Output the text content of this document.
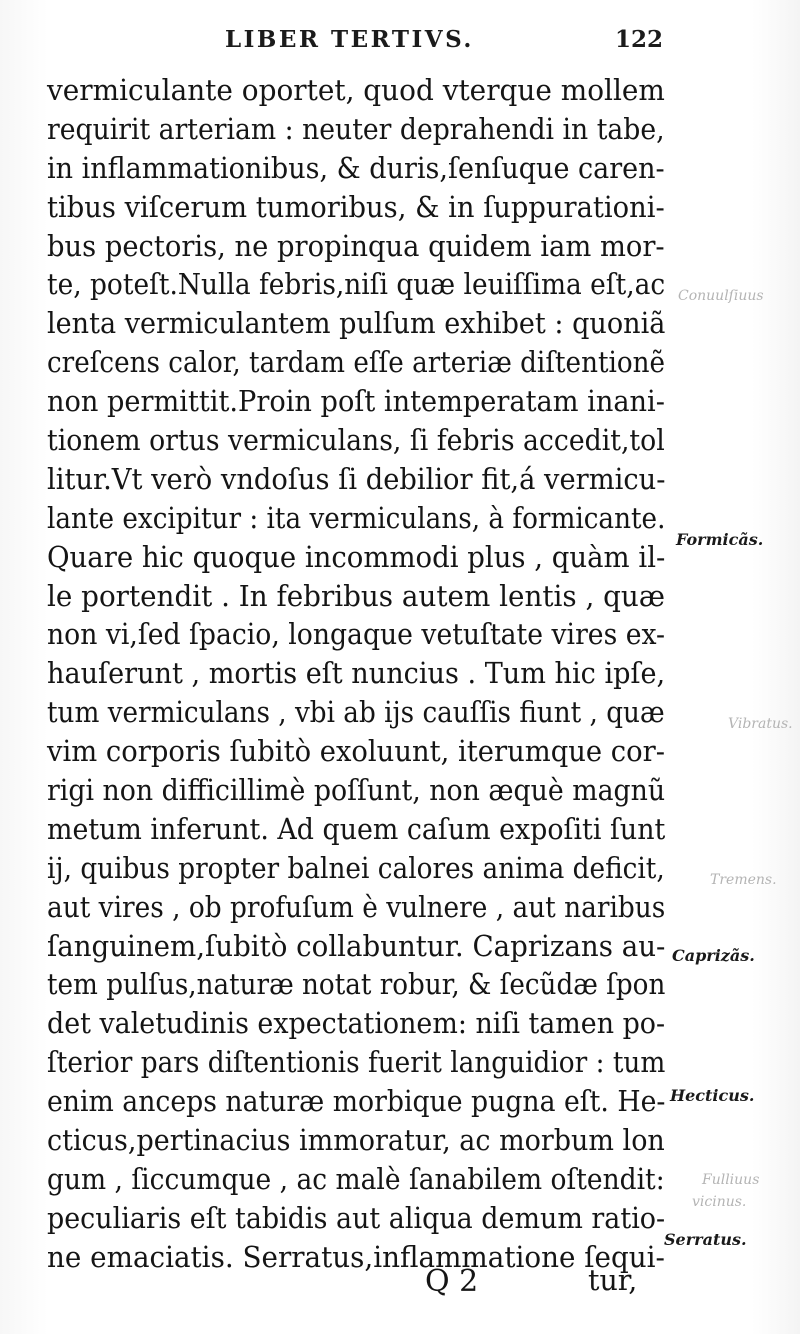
LIBER TERTIVS.	122
vermiculante oportet, quod vterque mollem
requirit arteriam : neuter deprahendi in tabe,
in inflammationibus, & duris,ſenſuque caren-
tibus viſcerum tumoribus, & in ſuppurationi-
bus pectoris, ne propinqua quidem iam mor-
te, poteſt.Nulla febris,niſi quæ leuiſſima eſt,ac
lenta vermiculantem pulſum exhibet : quoniã
creſcens calor, tardam eſſe arteriæ diſtentionẽ
non permittit.Proin poſt intemperatam inani-
tionem ortus vermiculans, ſi febris accedit,tol
litur.Vt verò vndoſus ſi debilior fit,á vermicu-
lante excipitur : ita vermiculans, à formicante.
Quare hic quoque incommodi plus , quàm il-
le portendit . In febribus autem lentis , quæ
non vi,ſed ſpacio, longaque vetuſtate vires ex-
hauſerunt , mortis eſt nuncius . Tum hic ipſe,
tum vermiculans , vbi ab iјs cauſſis fiunt , quæ
vim corporis ſubitò exoluunt, iterumque cor-
rigi non difficillimè poſſunt, non æquè magnũ
metum inferunt. Ad quem caſum expoſiti ſunt
iј, quibus propter balnei calores anima deficit,
aut vires , ob profuſum è vulnere , aut naribus
ſanguinem,ſubitò collabuntur. Caprizans au-
tem pulſus,naturæ notat robur, & ſecũdæ ſpon
det valetudinis expectationem: niſi tamen po-
ſterior pars diſtentionis fuerit languidior : tum
enim anceps naturæ morbique pugna eſt. He-
cticus,pertinacius immoratur, ac morbum lon
gum , ſiccumque , ac malè ſanabilem oſtendit:
peculiaris eſt tabidis aut aliqua demum ratio-
ne emaciatis. Serratus,inflammatione ſequi-
Conuulſiuus
Formicãs.
Vibratus.
Tremens.
Caprizãs.
Hecticus.
Fulliuus
vicinus.
Serratus.
Q 2	tur,
